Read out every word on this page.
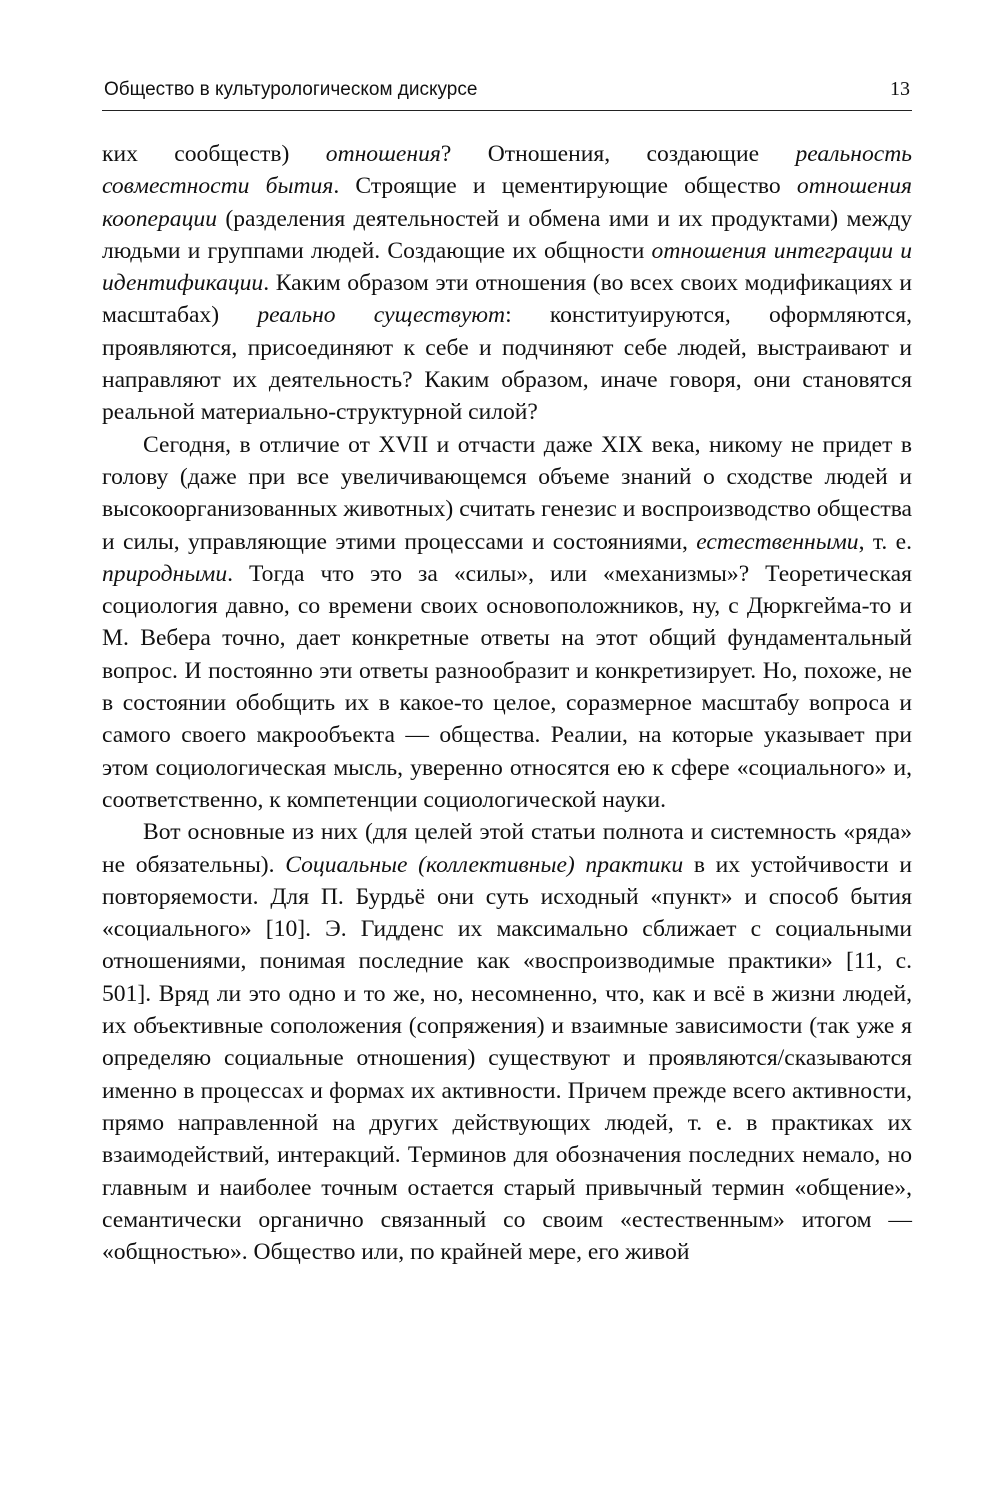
Общество в культурологическом дискурсе	13

ких сообществ) отношения? Отношения, создающие реальность совместности бытия. Строящие и цементирующие общество отношения кооперации (разделения деятельностей и обмена ими и их продуктами) между людьми и группами людей. Создающие их общности отношения интеграции и идентификации. Каким образом эти отношения (во всех своих модификациях и масштабах) реально существуют: конституируются, оформляются, проявляются, присоединяют к себе и подчиняют себе людей, выстраивают и направляют их деятельность? Каким образом, иначе говоря, они становятся реальной материально-структурной силой?

Сегодня, в отличие от XVII и отчасти даже XIX века, никому не придет в голову (даже при все увеличивающемся объеме знаний о сходстве людей и высокоорганизованных животных) считать генезис и воспроизводство общества и силы, управляющие этими процессами и состояниями, естественными, т. е. природными. Тогда что это за «силы», или «механизмы»? Теоретическая социология давно, со времени своих основоположников, ну, с Дюркгейма-то и М. Вебера точно, дает конкретные ответы на этот общий фундаментальный вопрос. И постоянно эти ответы разнообразит и конкретизирует. Но, похоже, не в состоянии обобщить их в какое-то целое, соразмерное масштабу вопроса и самого своего макрообъекта — общества. Реалии, на которые указывает при этом социологическая мысль, уверенно относятся ею к сфере «социального» и, соответственно, к компетенции социологической науки.

Вот основные из них (для целей этой статьи полнота и системность «ряда» не обязательны). Социальные (коллективные) практики в их устойчивости и повторяемости. Для П. Бурдьё они суть исходный «пункт» и способ бытия «социального» [10]. Э. Гидденс их максимально сближает с социальными отношениями, понимая последние как «воспроизводимые практики» [11, с. 501]. Вряд ли это одно и то же, но, несомненно, что, как и всё в жизни людей, их объективные соположения (сопряжения) и взаимные зависимости (так уже я определяю социальные отношения) существуют и проявляются/сказываются именно в процессах и формах их активности. Причем прежде всего активности, прямо направленной на других действующих людей, т. е. в практиках их взаимодействий, интеракций. Терминов для обозначения последних немало, но главным и наиболее точным остается старый привычный термин «общение», семантически органично связанный со своим «естественным» итогом — «общностью». Общество или, по крайней мере, его живой
